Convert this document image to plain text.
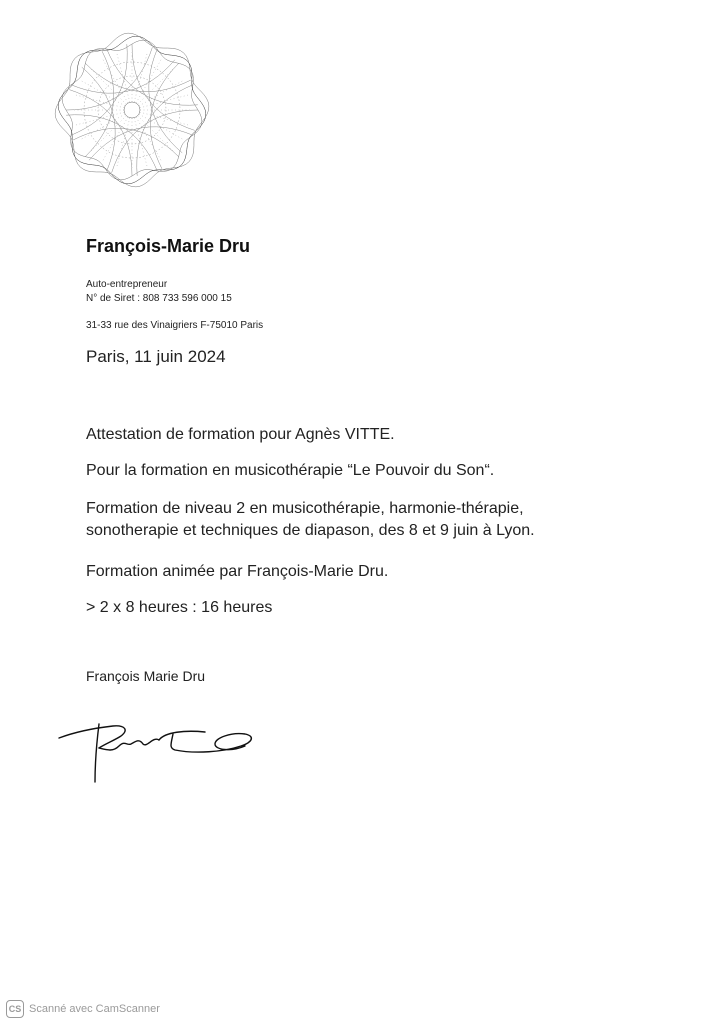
François-Marie Dru
Auto-entrepreneur
N° de Siret : 808 733 596 000 15
31-33 rue des Vinaigriers F-75010 Paris
Paris, 11 juin 2024
Attestation de formation pour Agnès VITTE.
Pour la formation en musicothérapie “Le Pouvoir du Son“.
Formation de niveau 2 en musicothérapie, harmonie-thérapie,
sonotherapie et techniques de diapason, des 8 et 9 juin à Lyon.
Formation animée par François-Marie Dru.
> 2 x 8 heures : 16 heures
François Marie Dru
CS Scanné avec CamScanner
